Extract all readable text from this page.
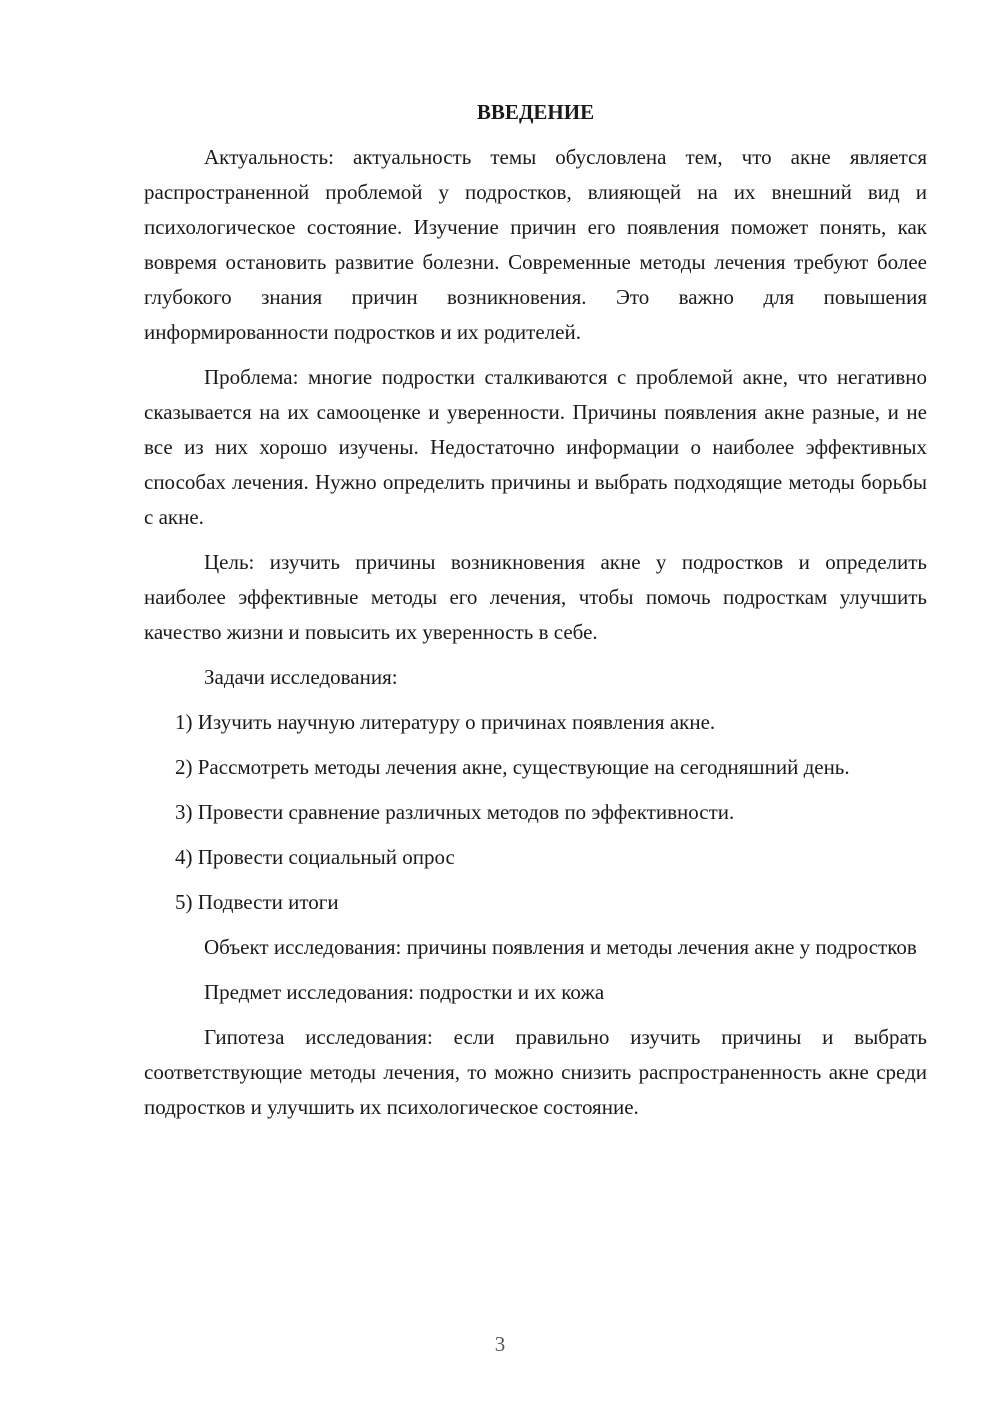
ВВЕДЕНИЕ

Актуальность: актуальность темы обусловлена тем, что акне является распространенной проблемой у подростков, влияющей на их внешний вид и психологическое состояние. Изучение причин его появления поможет понять, как вовремя остановить развитие болезни. Современные методы лечения требуют более глубокого знания причин возникновения. Это важно для повышения информированности подростков и их родителей.

Проблема: многие подростки сталкиваются с проблемой акне, что негативно сказывается на их самооценке и уверенности. Причины появления акне разные, и не все из них хорошо изучены. Недостаточно информации о наиболее эффективных способах лечения. Нужно определить причины и выбрать подходящие методы борьбы с акне.

Цель: изучить причины возникновения акне у подростков и определить наиболее эффективные методы его лечения, чтобы помочь подросткам улучшить качество жизни и повысить их уверенность в себе.

Задачи исследования:

1) Изучить научную литературу о причинах появления акне.

2) Рассмотреть методы лечения акне, существующие на сегодняшний день.

3) Провести сравнение различных методов по эффективности.

4) Провести социальный опрос

5) Подвести итоги

Объект исследования: причины появления и методы лечения акне у подростков

Предмет исследования: подростки и их кожа

Гипотеза исследования: если правильно изучить причины и выбрать соответствующие методы лечения, то можно снизить распространенность акне среди подростков и улучшить их психологическое состояние.

3
